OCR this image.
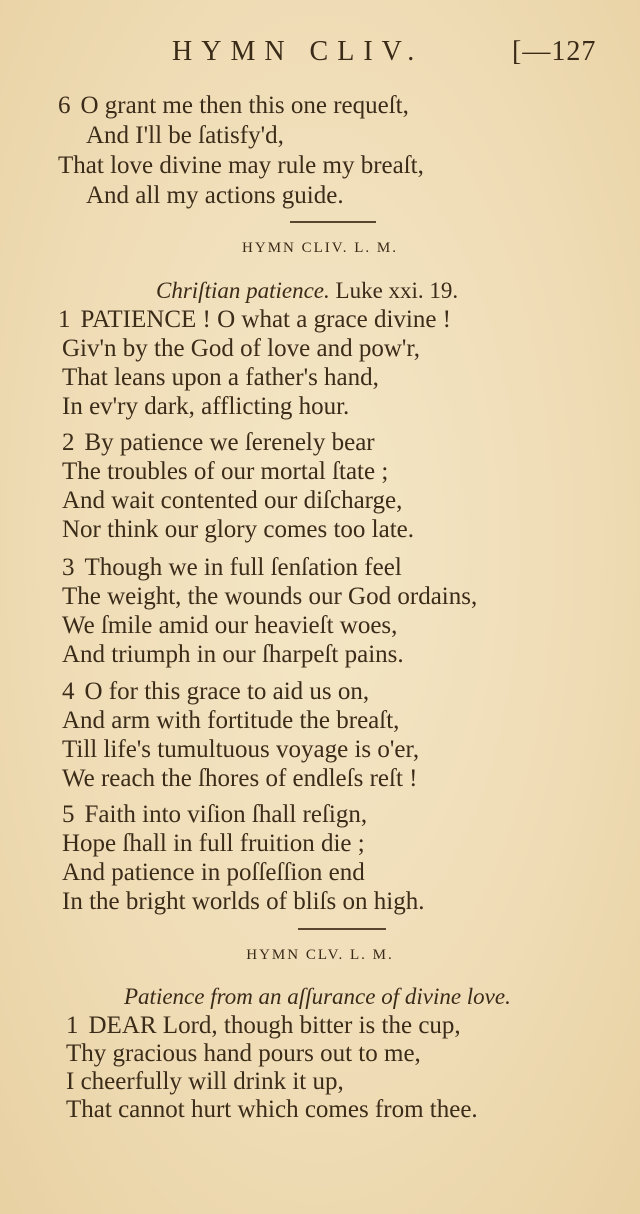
HYMN CLIV.	[—127
6 O grant me then this one requeſt,
And I'll be ſatisfy'd,
That love divine may rule my breaſt,
And all my actions guide.
HYMN CLIV. L. M.
Chriſtian patience. Luke xxi. 19.
1 PATIENCE ! O what a grace divine !
Giv'n by the God of love and pow'r,
That leans upon a father's hand,
In ev'ry dark, afflicting hour.
2 By patience we ſerenely bear
The troubles of our mortal ſtate ;
And wait contented our diſcharge,
Nor think our glory comes too late.
3 Though we in full ſenſation feel
The weight, the wounds our God ordains,
We ſmile amid our heavieſt woes,
And triumph in our ſharpeſt pains.
4 O for this grace to aid us on,
And arm with fortitude the breaſt,
Till life's tumultuous voyage is o'er,
We reach the ſhores of endleſs reſt !
5 Faith into viſion ſhall reſign,
Hope ſhall in full fruition die ;
And patience in poſſeſſion end
In the bright worlds of bliſs on high.
HYMN CLV. L. M.
Patience from an aſſurance of divine love.
1 DEAR Lord, though bitter is the cup,
Thy gracious hand pours out to me,
I cheerfully will drink it up,
That cannot hurt which comes from thee.
